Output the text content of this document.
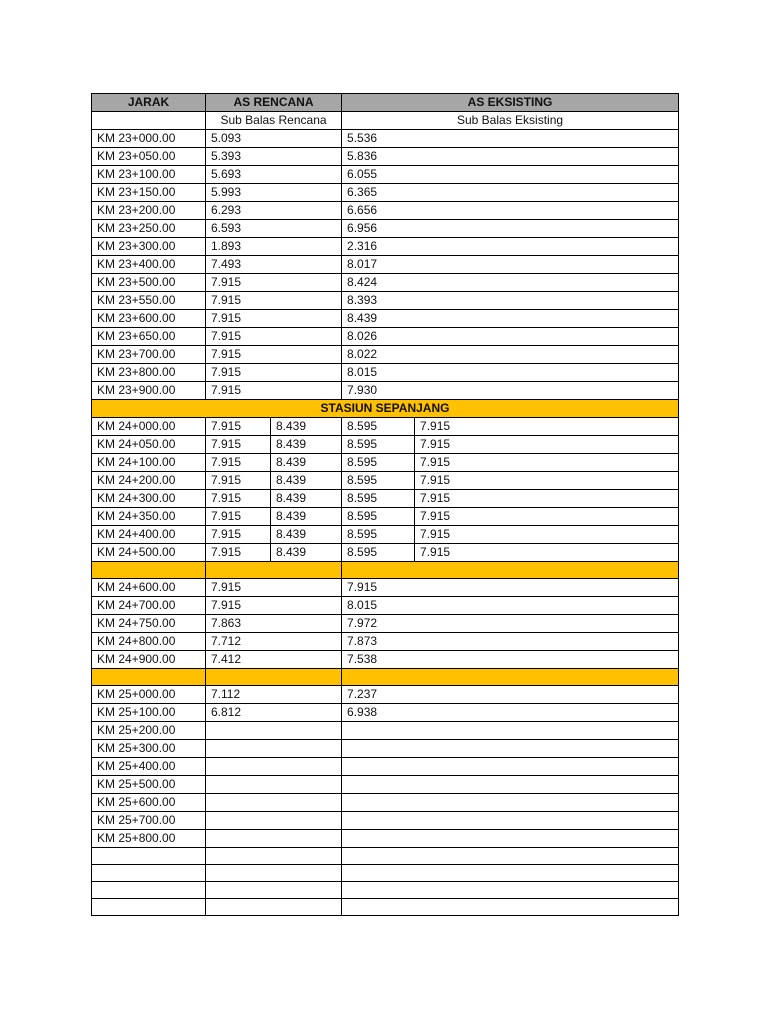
JARAK	AS RENCANA		AS EKSISTING	
	Sub Balas Rencana		Sub Balas Eksisting	
KM 23+000.00	5.093		5.536	
KM 23+050.00	5.393		5.836	
KM 23+100.00	5.693		6.055	
KM 23+150.00	5.993		6.365	
KM 23+200.00	6.293		6.656	
KM 23+250.00	6.593		6.956	
KM 23+300.00	1.893		2.316	
KM 23+400.00	7.493		8.017	
KM 23+500.00	7.915		8.424	
KM 23+550.00	7.915		8.393	
KM 23+600.00	7.915		8.439	
KM 23+650.00	7.915		8.026	
KM 23+700.00	7.915		8.022	
KM 23+800.00	7.915		8.015	
KM 23+900.00	7.915		7.930	
STASIUN SEPANJANG				
KM 24+000.00	7.915	8.439	8.595	7.915
KM 24+050.00	7.915	8.439	8.595	7.915
KM 24+100.00	7.915	8.439	8.595	7.915
KM 24+200.00	7.915	8.439	8.595	7.915
KM 24+300.00	7.915	8.439	8.595	7.915
KM 24+350.00	7.915	8.439	8.595	7.915
KM 24+400.00	7.915	8.439	8.595	7.915
KM 24+500.00	7.915	8.439	8.595	7.915

KM 24+600.00	7.915		7.915	
KM 24+700.00	7.915		8.015	
KM 24+750.00	7.863		7.972	
KM 24+800.00	7.712		7.873	
KM 24+900.00	7.412		7.538	

KM 25+000.00	7.112		7.237	
KM 25+100.00	6.812		6.938	
KM 25+200.00				
KM 25+300.00				
KM 25+400.00				
KM 25+500.00				
KM 25+600.00				
KM 25+700.00				
KM 25+800.00				
